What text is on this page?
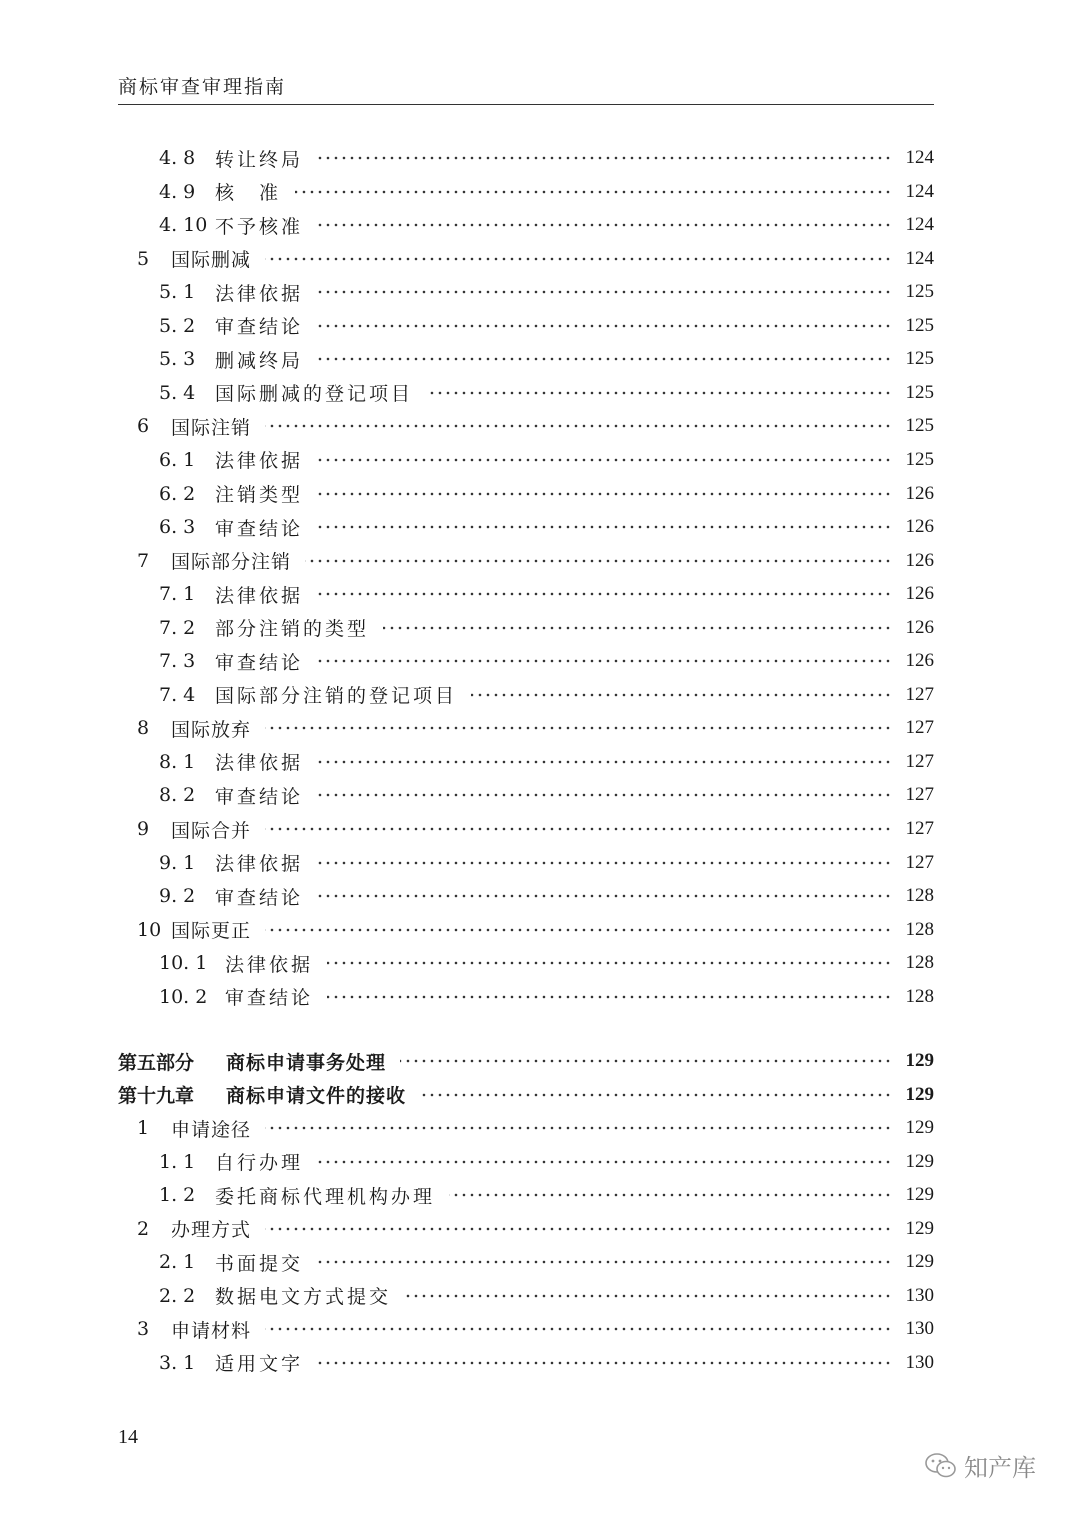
商标审查审理指南
4. 8	转让终局	124
4. 9	核　准	124
4. 10 不予核准	124
5	国际删减	124
5. 1	法律依据	125
5. 2	审查结论	125
5. 3	删减终局	125
5. 4	国际删减的登记项目	125
6	国际注销	125
6. 1	法律依据	125
6. 2	注销类型	126
6. 3	审查结论	126
7	国际部分注销	126
7. 1	法律依据	126
7. 2	部分注销的类型	126
7. 3	审查结论	126
7. 4	国际部分注销的登记项目	127
8	国际放弃	127
8. 1	法律依据	127
8. 2	审查结论	127
9	国际合并	127
9. 1	法律依据	127
9. 2	审查结论	128
10 国际更正	128
10. 1 法律依据	128
10. 2 审查结论	128
第五部分	商标申请事务处理	129
第十九章	商标申请文件的接收	129
1	申请途径	129
1. 1	自行办理	129
1. 2	委托商标代理机构办理	129
2	办理方式	129
2. 1	书面提交	129
2. 2	数据电文方式提交	130
3	申请材料	130
3. 1	适用文字	130
14
知产库
